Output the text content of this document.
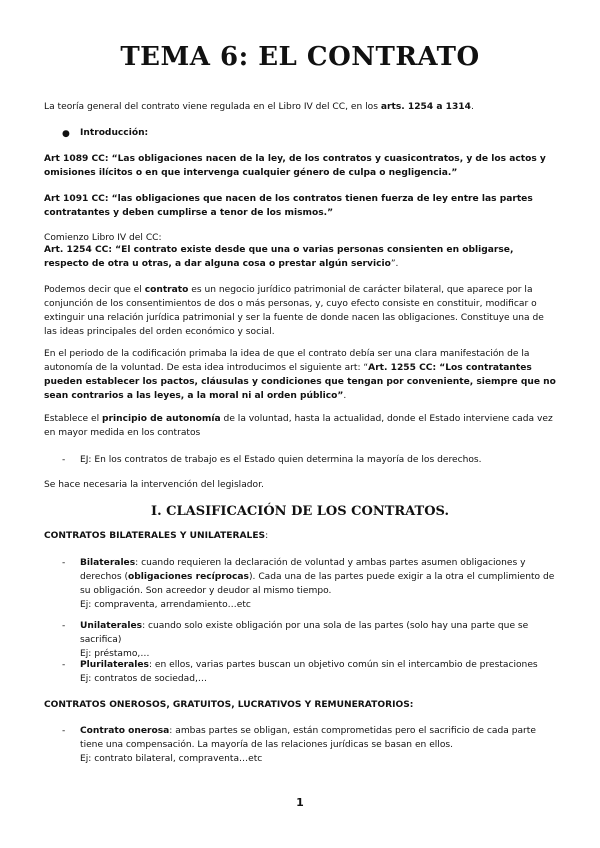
TEMA 6: EL CONTRATO

La teoría general del contrato viene regulada en el Libro IV del CC, en los arts. 1254 a 1314.

● Introducción:

Art 1089 CC: “Las obligaciones nacen de la ley, de los contratos y cuasicontratos, y de los actos y omisiones ilícitos o en que intervenga cualquier género de culpa o negligencia.”

Art 1091 CC: “las obligaciones que nacen de los contratos tienen fuerza de ley entre las partes contratantes y deben cumplirse a tenor de los mismos.”

Comienzo Libro IV del CC:

Art. 1254 CC: “El contrato existe desde que una o varias personas consienten en obligarse, respecto de otra u otras, a dar alguna cosa o prestar algún servicio”.

Podemos decir que el contrato es un negocio jurídico patrimonial de carácter bilateral, que aparece por la conjunción de los consentimientos de dos o más personas, y, cuyo efecto consiste en constituir, modificar o extinguir una relación jurídica patrimonial y ser la fuente de donde nacen las obligaciones. Constituye una de las ideas principales del orden económico y social.

En el periodo de la codificación primaba la idea de que el contrato debía ser una clara manifestación de la autonomía de la voluntad. De esta idea introducimos el siguiente art: “Art. 1255 CC: “Los contratantes pueden establecer los pactos, cláusulas y condiciones que tengan por conveniente, siempre que no sean contrarios a las leyes, a la moral ni al orden público”.

Establece el principio de autonomía de la voluntad, hasta la actualidad, donde el Estado interviene cada vez en mayor medida en los contratos

- EJ: En los contratos de trabajo es el Estado quien determina la mayoría de los derechos.

Se hace necesaria la intervención del legislador.

I. CLASIFICACIÓN DE LOS CONTRATOS.

CONTRATOS BILATERALES Y UNILATERALES:

- Bilaterales: cuando requieren la declaración de voluntad y ambas partes asumen obligaciones y derechos (obligaciones recíprocas). Cada una de las partes puede exigir a la otra el cumplimiento de su obligación. Son acreedor y deudor al mismo tiempo.
Ej: compraventa, arrendamiento…etc

- Unilaterales: cuando solo existe obligación por una sola de las partes (solo hay una parte que se sacrifica)
Ej: préstamo,…

- Plurilaterales: en ellos, varias partes buscan un objetivo común sin el intercambio de prestaciones
Ej: contratos de sociedad,…

CONTRATOS ONEROSOS, GRATUITOS, LUCRATIVOS Y REMUNERATORIOS:

- Contrato onerosa: ambas partes se obligan, están comprometidas pero el sacrificio de cada parte tiene una compensación. La mayoría de las relaciones jurídicas se basan en ellos.
Ej: contrato bilateral, compraventa…etc

1
